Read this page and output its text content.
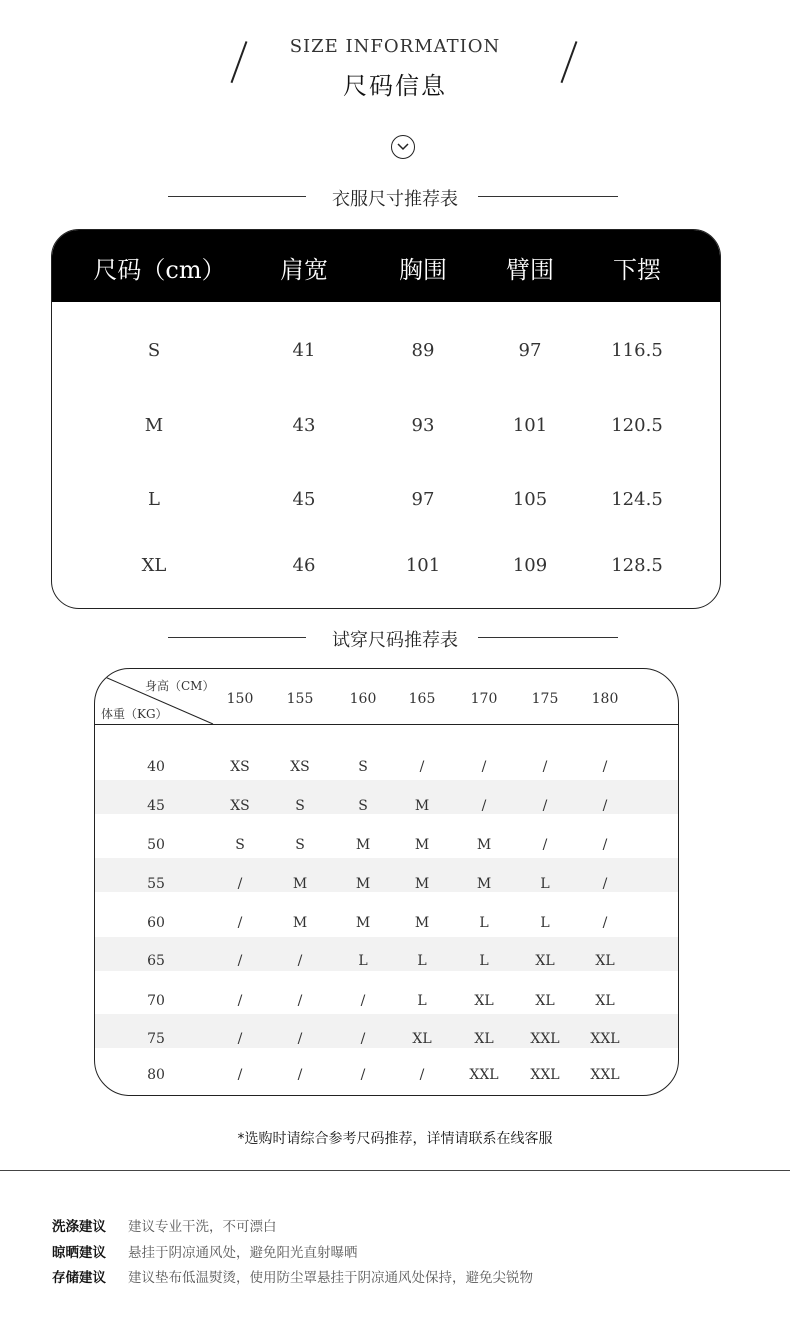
SIZE INFORMATION
尺码信息
衣服尺寸推荐表
尺码（cm）	肩宽	胸围	臂围	下摆
S	41	89	97	116.5
M	43	93	101	120.5
L	45	97	105	124.5
XL	46	101	109	128.5
试穿尺码推荐表
身高（CM）
体重（KG）
150	155	160	165	170	175	180
40	XS	XS	S	/	/	/	/
45	XS	S	S	M	/	/	/
50	S	S	M	M	M	/	/
55	/	M	M	M	M	L	/
60	/	M	M	M	L	L	/
65	/	/	L	L	L	XL	XL
70	/	/	/	L	XL	XL	XL
75	/	/	/	XL	XL	XXL	XXL
80	/	/	/	/	XXL	XXL	XXL
*选购时请综合参考尺码推荐，详情请联系在线客服
洗涤建议 建议专业干洗，不可漂白
晾晒建议 悬挂于阴凉通风处，避免阳光直射曝晒
存储建议 建议垫布低温熨烫，使用防尘罩悬挂于阴凉通风处保持，避免尖锐物
